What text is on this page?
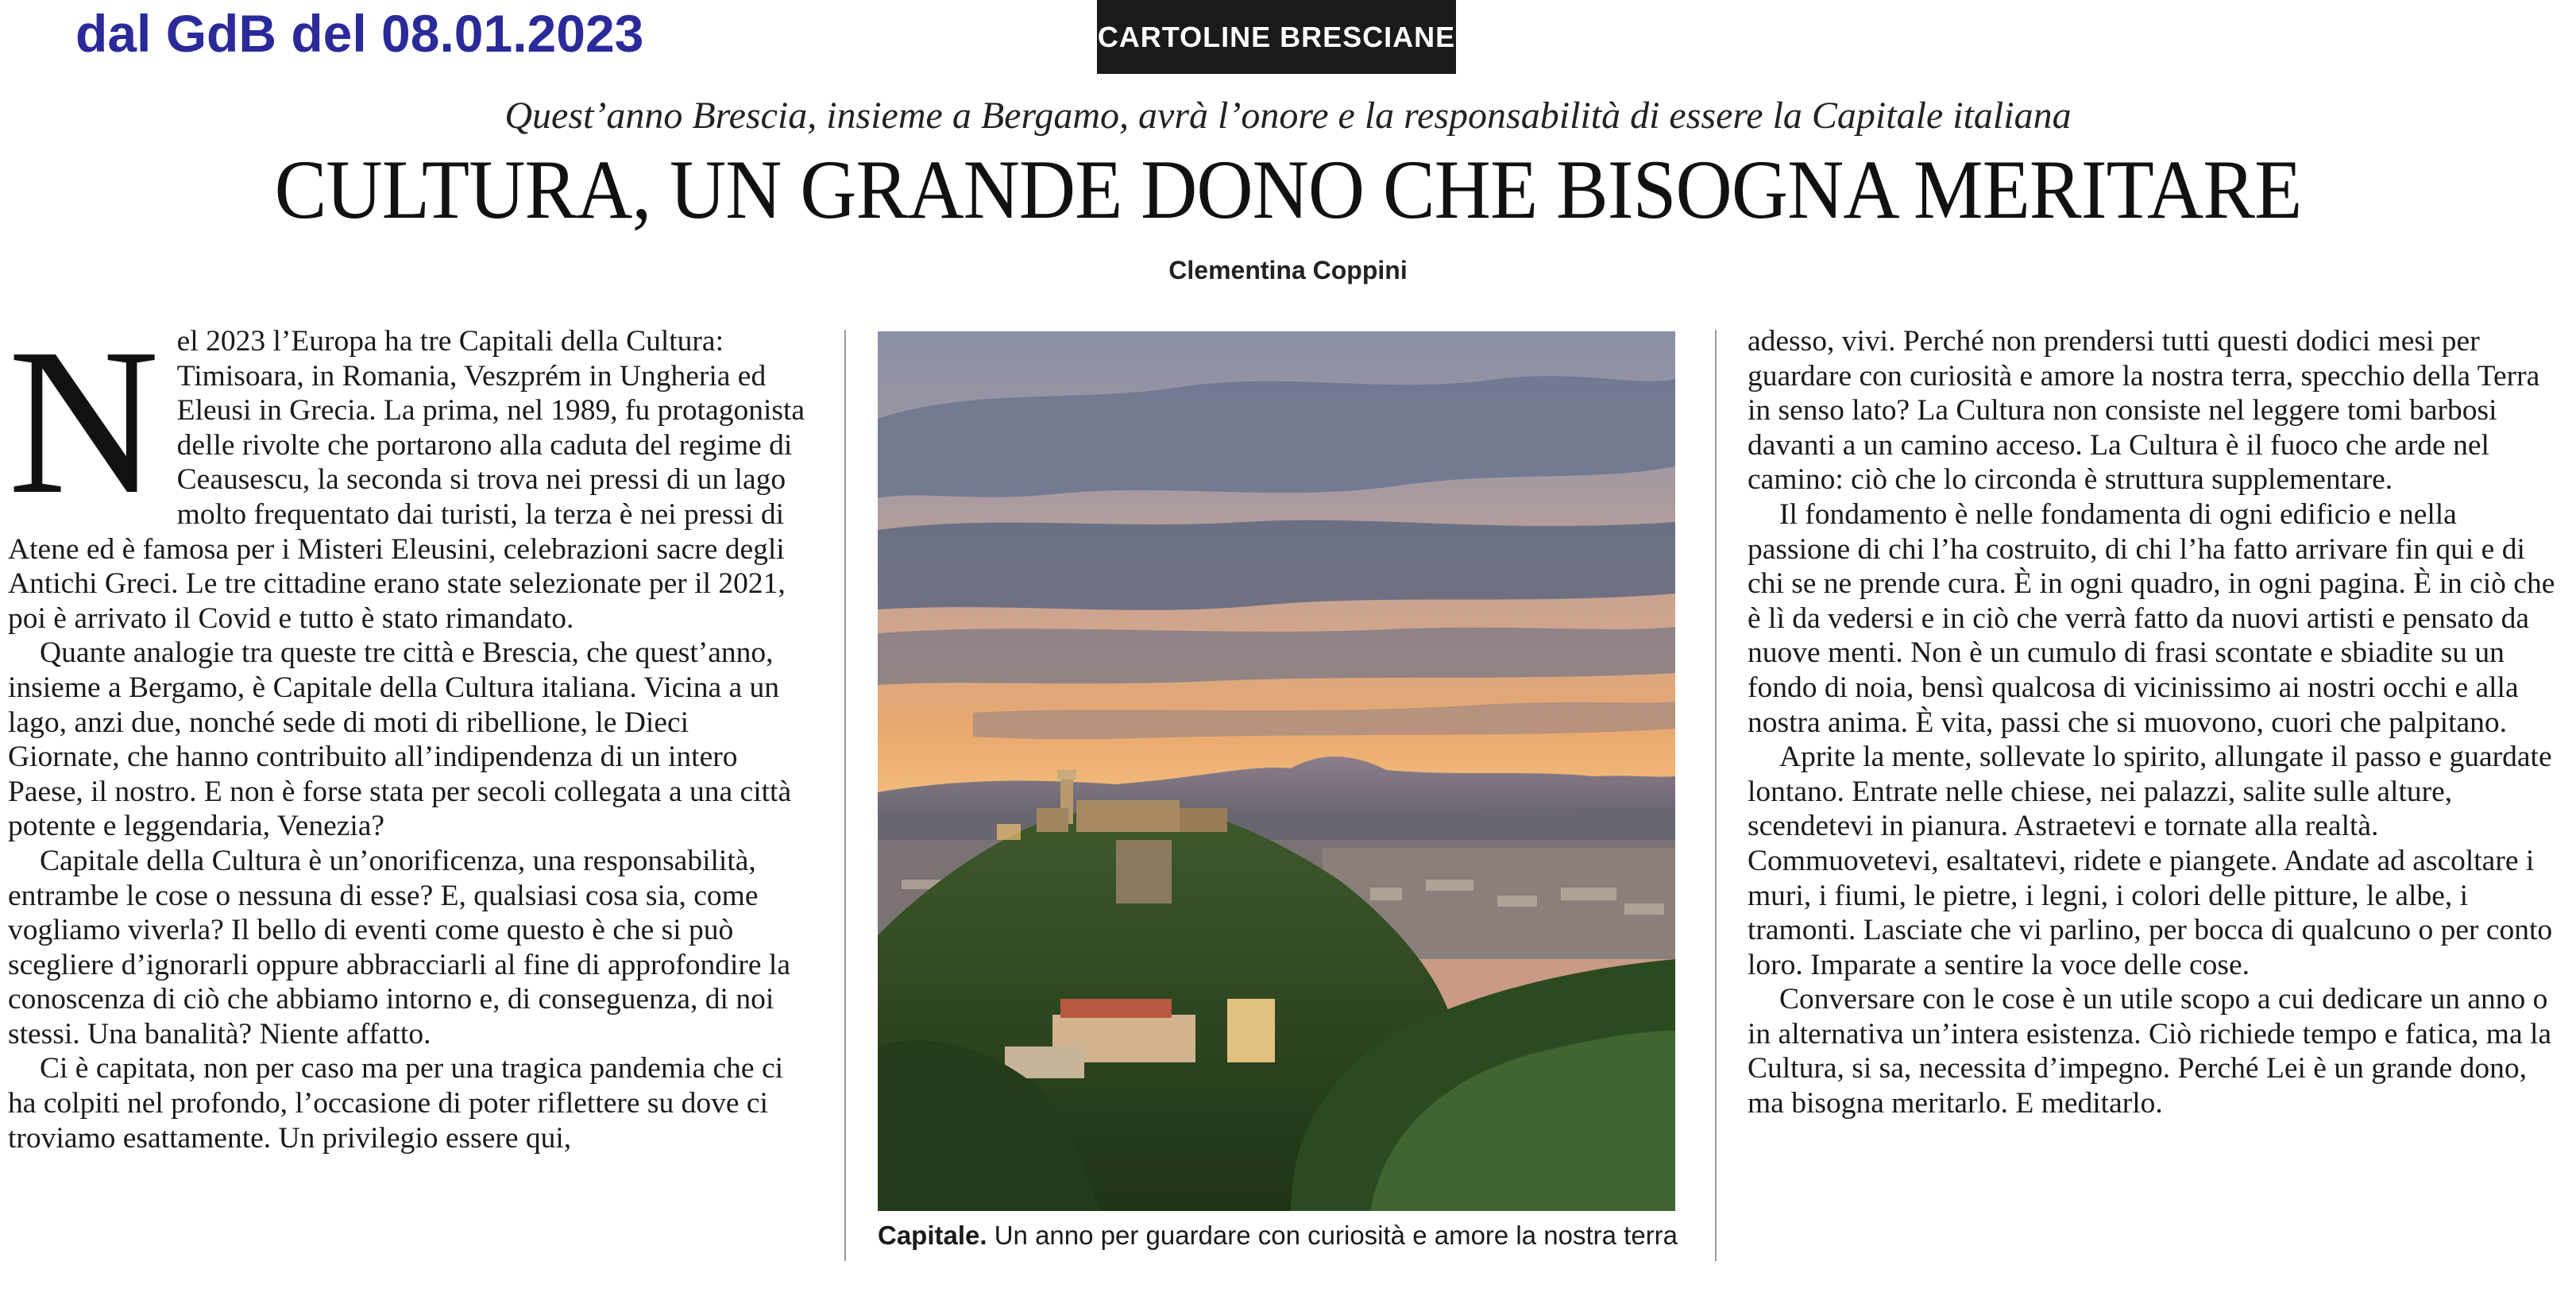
dal GdB del 08.01.2023	CARTOLINE BRESCIANE
Quest’anno Brescia, insieme a Bergamo, avrà l’onore e la responsabilità di essere la Capitale italiana
CULTURA, UN GRANDE DONO CHE BISOGNA MERITARE
Clementina Coppini
N el 2023 l’Europa ha tre Capitali della Cultura: Timisoara, in Romania, Veszprém in Ungheria ed Eleusi in Grecia. La prima, nel 1989, fu protagonista delle rivolte che portarono alla caduta del regime di Ceausescu, la seconda si trova nei pressi di un lago molto frequentato dai turisti, la terza è nei pressi di Atene ed è famosa per i Misteri Eleusini, celebrazioni sacre degli Antichi Greci. Le tre cittadine erano state selezionate per il 2021, poi è arrivato il Covid e tutto è stato rimandato.

Quante analogie tra queste tre città e Brescia, che quest’anno, insieme a Bergamo, è Capitale della Cultura italiana. Vicina a un lago, anzi due, nonché sede di moti di ribellione, le Dieci Giornate, che hanno contribuito all’indipendenza di un intero Paese, il nostro. E non è forse stata per secoli collegata a una città potente e leggendaria, Venezia?

Capitale della Cultura è un’onorificenza, una responsabilità, entrambe le cose o nessuna di esse? E, qualsiasi cosa sia, come vogliamo viverla? Il bello di eventi come questo è che si può scegliere d’ignorarli oppure abbracciarli al fine di approfondire la conoscenza di ciò che abbiamo intorno e, di conseguenza, di noi stessi. Una banalità? Niente affatto.

Ci è capitata, non per caso ma per una tragica pandemia che ci ha colpiti nel profondo, l’occasione di poter riflettere su dove ci troviamo esattamente. Un privilegio essere qui,

Capitale. Un anno per guardare con curiosità e amore la nostra terra

adesso, vivi. Perché non prendersi tutti questi dodici mesi per guardare con curiosità e amore la nostra terra, specchio della Terra in senso lato? La Cultura non consiste nel leggere tomi barbosi davanti a un camino acceso. La Cultura è il fuoco che arde nel camino: ciò che lo circonda è struttura supplementare.

Il fondamento è nelle fondamenta di ogni edificio e nella passione di chi l’ha costruito, di chi l’ha fatto arrivare fin qui e di chi se ne prende cura. È in ogni quadro, in ogni pagina. È in ciò che è lì da vedersi e in ciò che verrà fatto da nuovi artisti e pensato da nuove menti. Non è un cumulo di frasi scontate e sbiadite su un fondo di noia, bensì qualcosa di vicinissimo ai nostri occhi e alla nostra anima. È vita, passi che si muovono, cuori che palpitano.

Aprite la mente, sollevate lo spirito, allungate il passo e guardate lontano. Entrate nelle chiese, nei palazzi, salite sulle alture, scendetevi in pianura. Astraetevi e tornate alla realtà. Commuovetevi, esaltatevi, ridete e piangete. Andate ad ascoltare i muri, i fiumi, le pietre, i legni, i colori delle pitture, le albe, i tramonti. Lasciate che vi parlino, per bocca di qualcuno o per conto loro. Imparate a sentire la voce delle cose.

Conversare con le cose è un utile scopo a cui dedicare un anno o in alternativa un’intera esistenza. Ciò richiede tempo e fatica, ma la Cultura, si sa, necessita d’impegno. Perché Lei è un grande dono, ma bisogna meritarlo. E meditarlo.
